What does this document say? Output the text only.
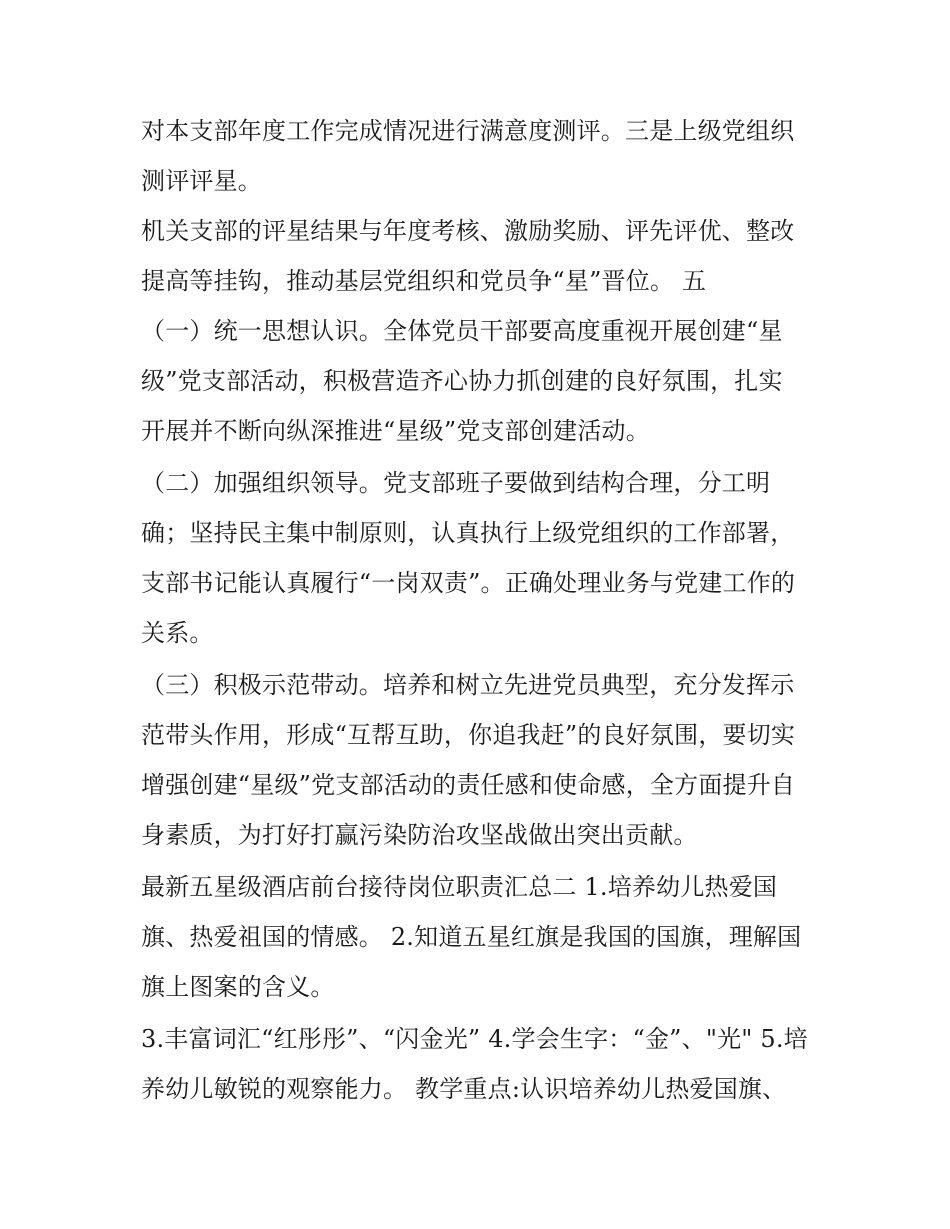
对本支部年度工作完成情况进行满意度测评。三是上级党组织
测评评星。
机关支部的评星结果与年度考核、激励奖励、评先评优、整改
提高等挂钩，推动基层党组织和党员争“星”晋位。 五
（一）统一思想认识。全体党员干部要高度重视开展创建“星
级”党支部活动，积极营造齐心协力抓创建的良好氛围，扎实
开展并不断向纵深推进“星级”党支部创建活动。
（二）加强组织领导。党支部班子要做到结构合理，分工明
确；坚持民主集中制原则，认真执行上级党组织的工作部署，
支部书记能认真履行“一岗双责”。正确处理业务与党建工作的
关系。
（三）积极示范带动。培养和树立先进党员典型，充分发挥示
范带头作用，形成“互帮互助，你追我赶”的良好氛围，要切实
增强创建“星级”党支部活动的责任感和使命感，全方面提升自
身素质，为打好打赢污染防治攻坚战做出突出贡献。
最新五星级酒店前台接待岗位职责汇总二 1.培养幼儿热爱国
旗、热爱祖国的情感。 2.知道五星红旗是我国的国旗，理解国
旗上图案的含义。
3.丰富词汇“红彤彤”、“闪金光” 4.学会生字：“金”、"光" 5.培
养幼儿敏锐的观察能力。 教学重点:认识培养幼儿热爱国旗、
